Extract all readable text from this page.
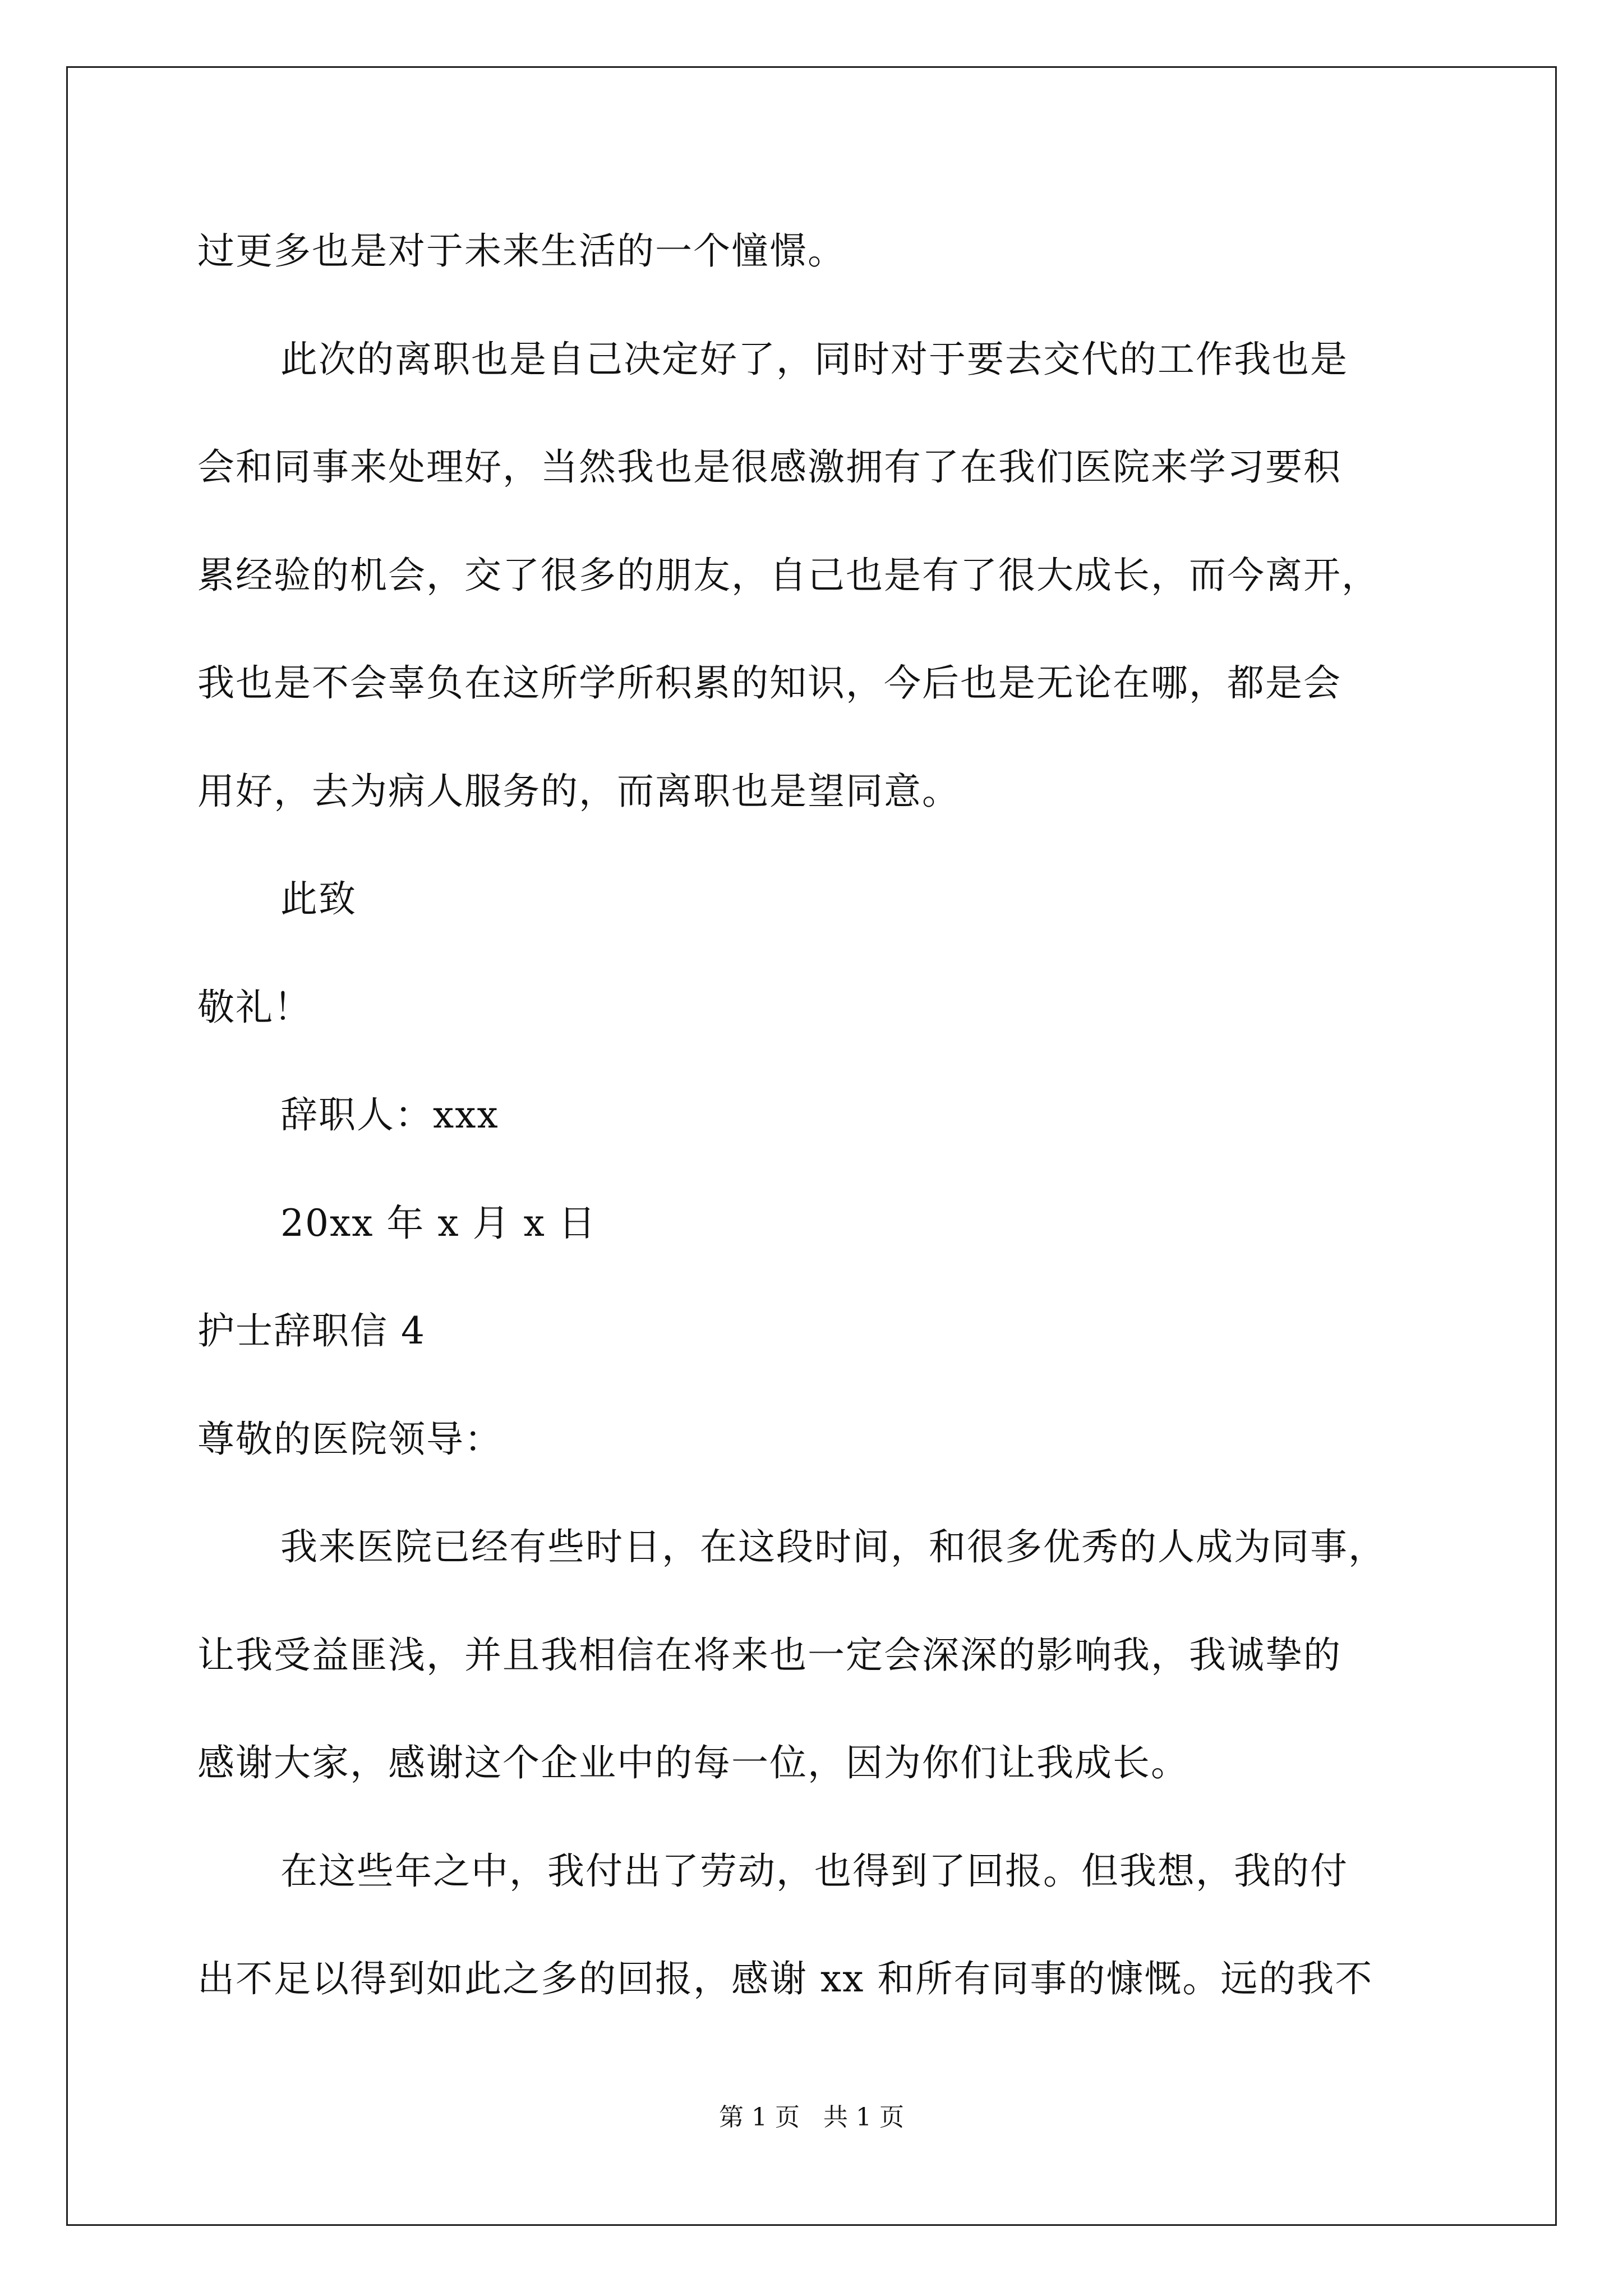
过更多也是对于未来生活的一个憧憬。
此次的离职也是自己决定好了，同时对于要去交代的工作我也是
会和同事来处理好，当然我也是很感激拥有了在我们医院来学习要积
累经验的机会，交了很多的朋友，自己也是有了很大成长，而今离开，
我也是不会辜负在这所学所积累的知识，今后也是无论在哪，都是会
用好，去为病人服务的，而离职也是望同意。
此致
敬礼！
辞职人：xxx
20xx 年 x 月 x 日
护士辞职信 4
尊敬的医院领导：
我来医院已经有些时日，在这段时间，和很多优秀的人成为同事，
让我受益匪浅，并且我相信在将来也一定会深深的影响我，我诚挚的
感谢大家，感谢这个企业中的每一位，因为你们让我成长。
在这些年之中，我付出了劳动，也得到了回报。但我想，我的付
出不足以得到如此之多的回报，感谢 xx 和所有同事的慷慨。远的我不
第 1 页   共 1 页
